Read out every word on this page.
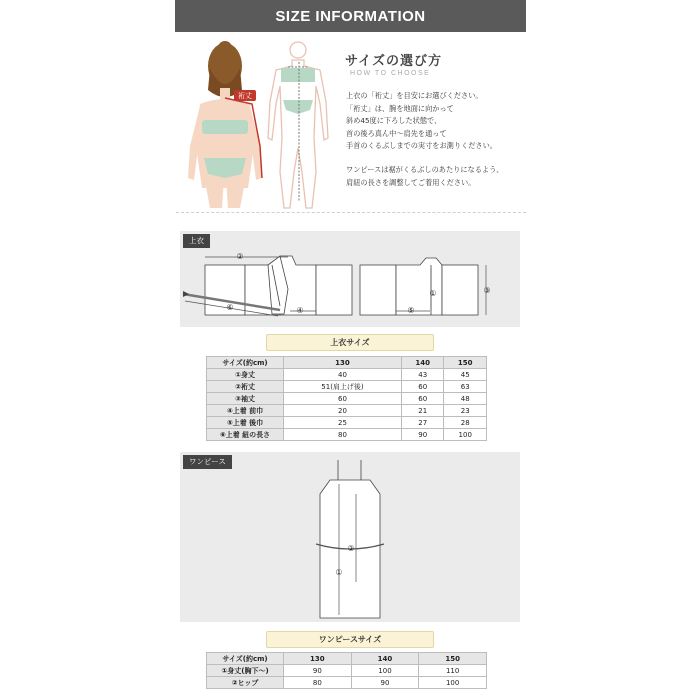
SIZE INFORMATION
裄丈
サイズの選び方
HOW TO CHOOSE
上衣の「裄丈」を目安にお選びください。
「裄丈」は、腕を地面に向かって
斜め45度に下ろした状態で、
首の後ろ真ん中～肩先を通って
手首のくるぶしまでの実寸をお測りください。
ワンピースは裾がくるぶしのあたりになるよう、
肩紐の長さを調整してご着用ください。
上衣
②
④	⑤
①	③
⑥
上衣サイズ
サイズ(約cm)	130	140	150
①身丈	40	43	45
②裄丈	51(肩上げ後)	60	63
③袖丈	60	60	48
④上着 前巾	20	21	23
⑤上着 後巾	25	27	28
⑥上着 紐の長さ	80	90	100
ワンピース
①
②
ワンピースサイズ
サイズ(約cm)	130	140	150
①身丈(胸下～)	90	100	110
②ヒップ	80	90	100
